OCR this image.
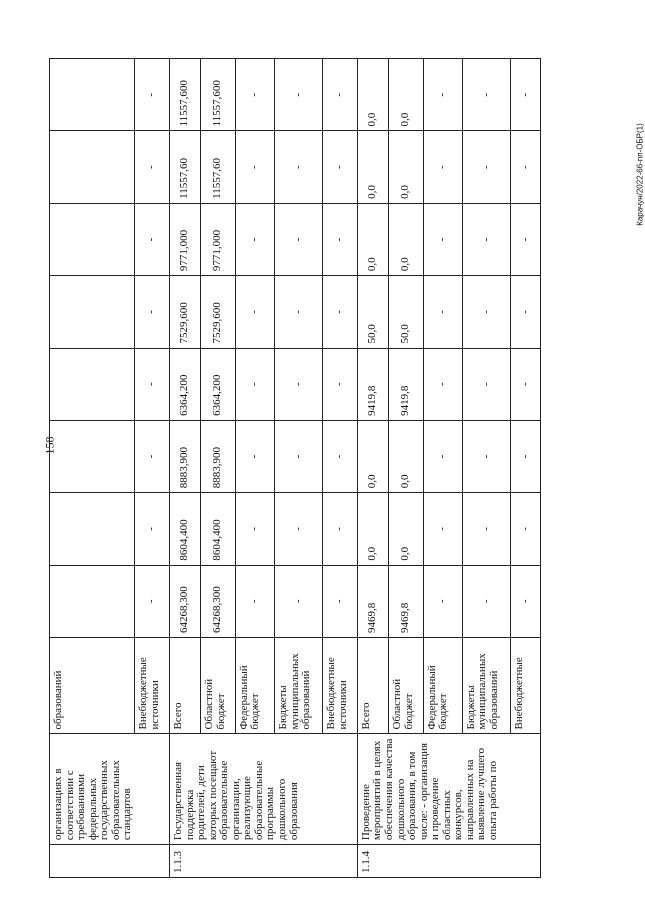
158
Карачун/2022-66-пп-ОБР(1)
	организациях в соответствии с требованиями федеральных государственных образовательных стандартов	образований								
		Внебюджетные источники	-	-	-	-	-	-	-	-
1.1.3	Государственная поддержка родителей, дети которых посещают образовательные организации, реализующие образовательные программы дошкольного образования	Всего	64268,300	8604,400	8883,900	6364,200	7529,600	9771,000	11557,60	11557,600
		Областной бюджет	64268,300	8604,400	8883,900	6364,200	7529,600	9771,000	11557,60	11557,600
		Федеральный бюджет	-	-	-	-	-	-	-	-
		Бюджеты муниципальных образований	-	-	-	-	-	-	-	-
		Внебюджетные источники	-	-	-	-	-	-	-	-
1.1.4	Проведение мероприятий в целях обеспечения качества дошкольного образования, в том числе: - организация и проведение областных конкурсов, направленных на выявление лучшего опыта работы по	Всего	9469,8	0,0	0,0	9419,8	50,0	0,0	0,0	0,0
		Областной бюджет	9469,8	0,0	0,0	9419,8	50,0	0,0	0,0	0,0
		Федеральный бюджет	-	-	-	-	-	-	-	-
		Бюджеты муниципальных образований	-	-	-	-	-	-	-	-
		Внебюджетные	-	-	-	-	-	-	-	-
